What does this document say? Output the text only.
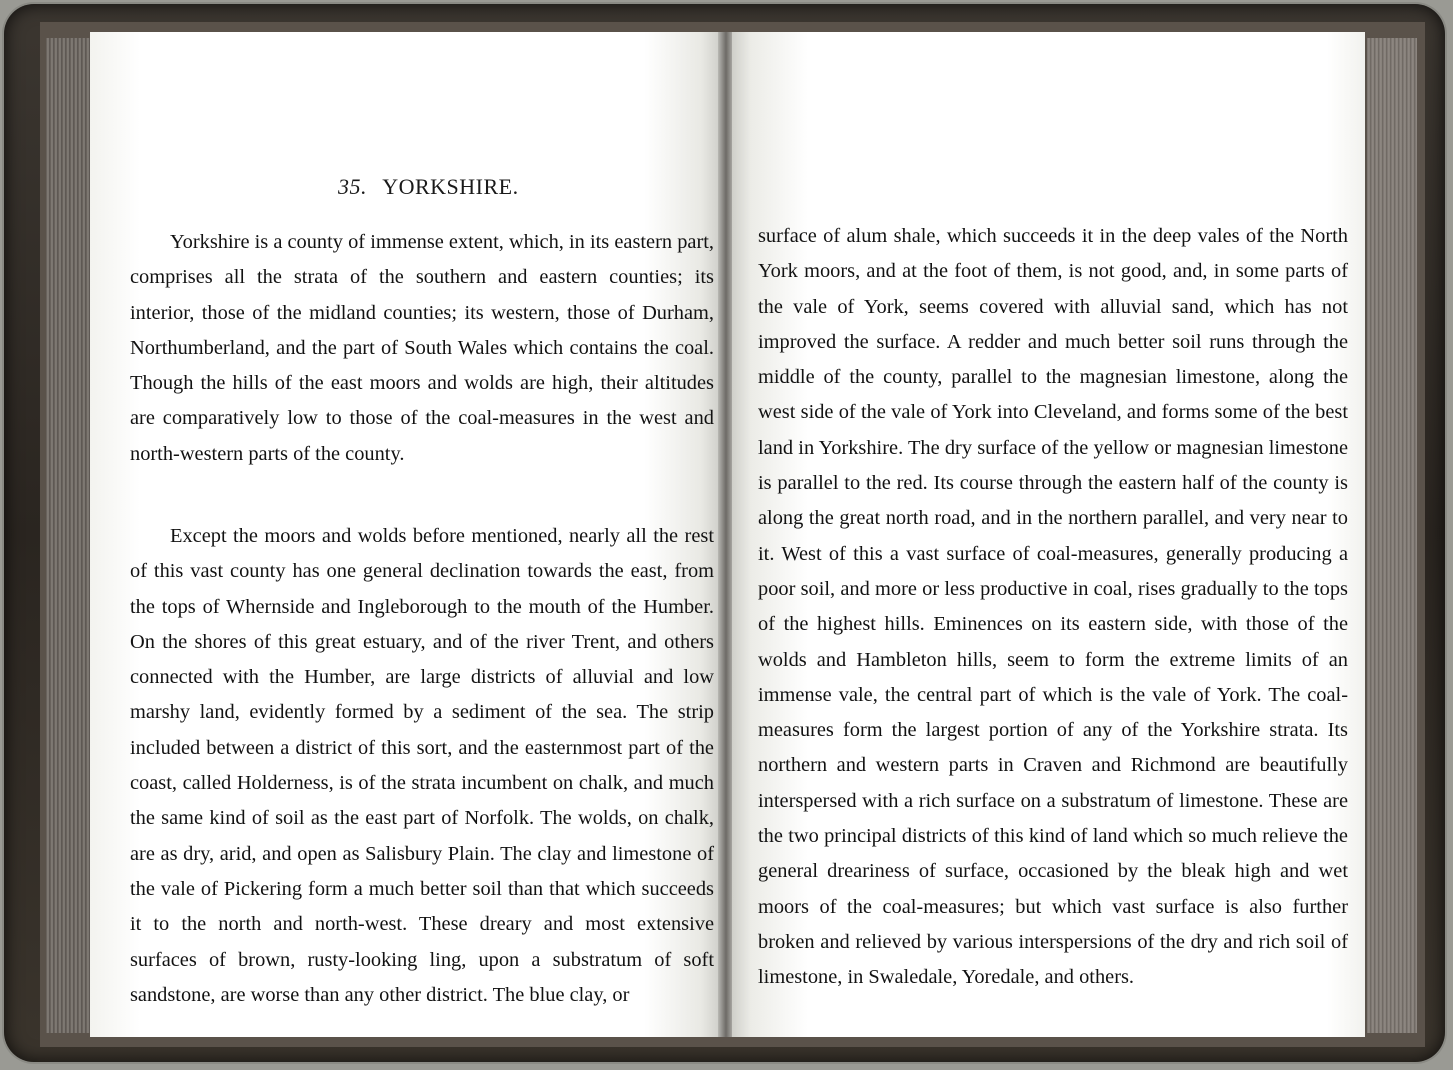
35. YORKSHIRE.
Yorkshire is a county of immense extent, which, in its eastern part, comprises all the strata of the southern and eastern counties; its interior, those of the midland counties; its western, those of Durham, Northumberland, and the part of South Wales which contains the coal. Though the hills of the east moors and wolds are high, their altitudes are comparatively low to those of the coal-measures in the west and north-western parts of the county.
Except the moors and wolds before mentioned, nearly all the rest of this vast county has one general declination towards the east, from the tops of Whernside and Ingleborough to the mouth of the Humber. On the shores of this great estuary, and of the river Trent, and others connected with the Humber, are large districts of alluvial and low marshy land, evidently formed by a sediment of the sea. The strip included between a district of this sort, and the easternmost part of the coast, called Holderness, is of the strata incumbent on chalk, and much the same kind of soil as the east part of Norfolk. The wolds, on chalk, are as dry, arid, and open as Salisbury Plain. The clay and limestone of the vale of Pickering form a much better soil than that which succeeds it to the north and north-west. These dreary and most extensive surfaces of brown, rusty-looking ling, upon a substratum of soft sandstone, are worse than any other district. The blue clay, or
surface of alum shale, which succeeds it in the deep vales of the North York moors, and at the foot of them, is not good, and, in some parts of the vale of York, seems covered with alluvial sand, which has not improved the surface. A redder and much better soil runs through the middle of the county, parallel to the magnesian limestone, along the west side of the vale of York into Cleveland, and forms some of the best land in Yorkshire. The dry surface of the yellow or magnesian limestone is parallel to the red. Its course through the eastern half of the county is along the great north road, and in the northern parallel, and very near to it. West of this a vast surface of coal-measures, generally producing a poor soil, and more or less productive in coal, rises gradually to the tops of the highest hills. Eminences on its eastern side, with those of the wolds and Hambleton hills, seem to form the extreme limits of an immense vale, the central part of which is the vale of York. The coal-measures form the largest portion of any of the Yorkshire strata. Its northern and western parts in Craven and Richmond are beautifully interspersed with a rich surface on a substratum of limestone. These are the two principal districts of this kind of land which so much relieve the general dreariness of surface, occasioned by the bleak high and wet moors of the coal-measures; but which vast surface is also further broken and relieved by various interspersions of the dry and rich soil of limestone, in Swaledale, Yoredale, and others.
